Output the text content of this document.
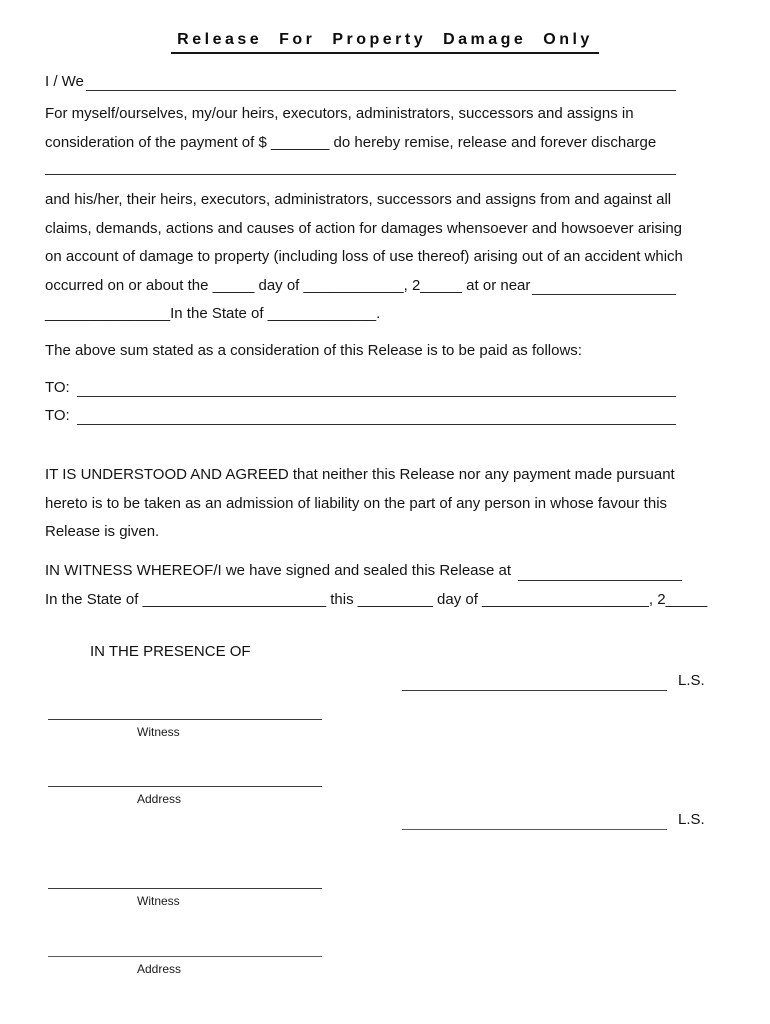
Release For Property Damage Only
I / We
For myself/ourselves, my/our heirs, executors, administrators, successors and assigns in
consideration of the payment of $ _______ do hereby remise, release and forever discharge
and his/her, their heirs, executors, administrators, successors and assigns from and against all
claims, demands, actions and causes of action for damages whensoever and howsoever arising
on account of damage to property (including loss of use thereof) arising out of an accident which
occurred on or about the _____ day of ____________, 2_____ at or near
_______________In the State of _____________.
The above sum stated as a consideration of this Release is to be paid as follows:
TO:
TO:
IT IS UNDERSTOOD AND AGREED that neither this Release nor any payment made pursuant
hereto is to be taken as an admission of liability on the part of any person in whose favour this
Release is given.
IN WITNESS WHEREOF/I we have signed and sealed this Release at
In the State of ______________________ this _________ day of ____________________, 2_____
IN THE PRESENCE OF
L.S.
Witness
Address
L.S.
Witness
Address
